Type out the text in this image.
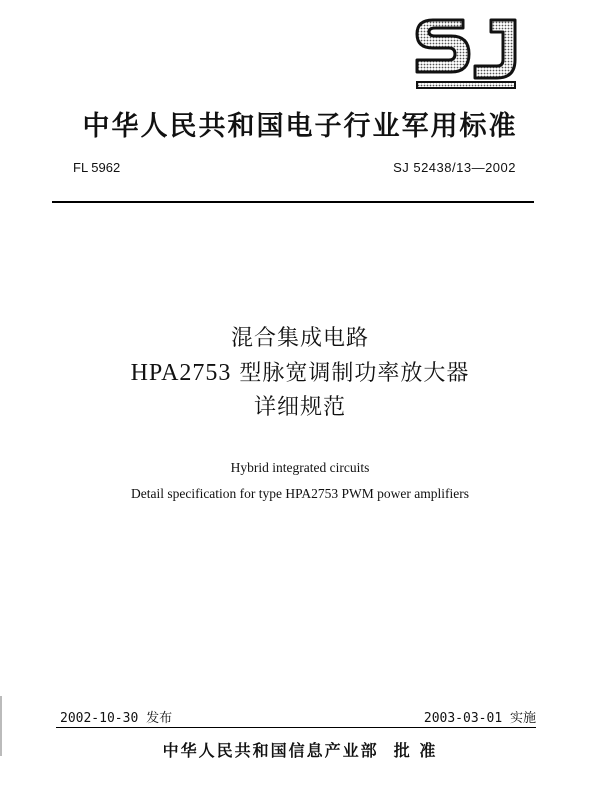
中华人民共和国电子行业军用标准
FL 5962	SJ 52438/13—2002
混合集成电路
HPA2753 型脉宽调制功率放大器
详细规范
Hybrid integrated circuits
Detail specification for type HPA2753 PWM power amplifiers
2002-10-30 发布	2003-03-01 实施
中华人民共和国信息产业部 批 准
